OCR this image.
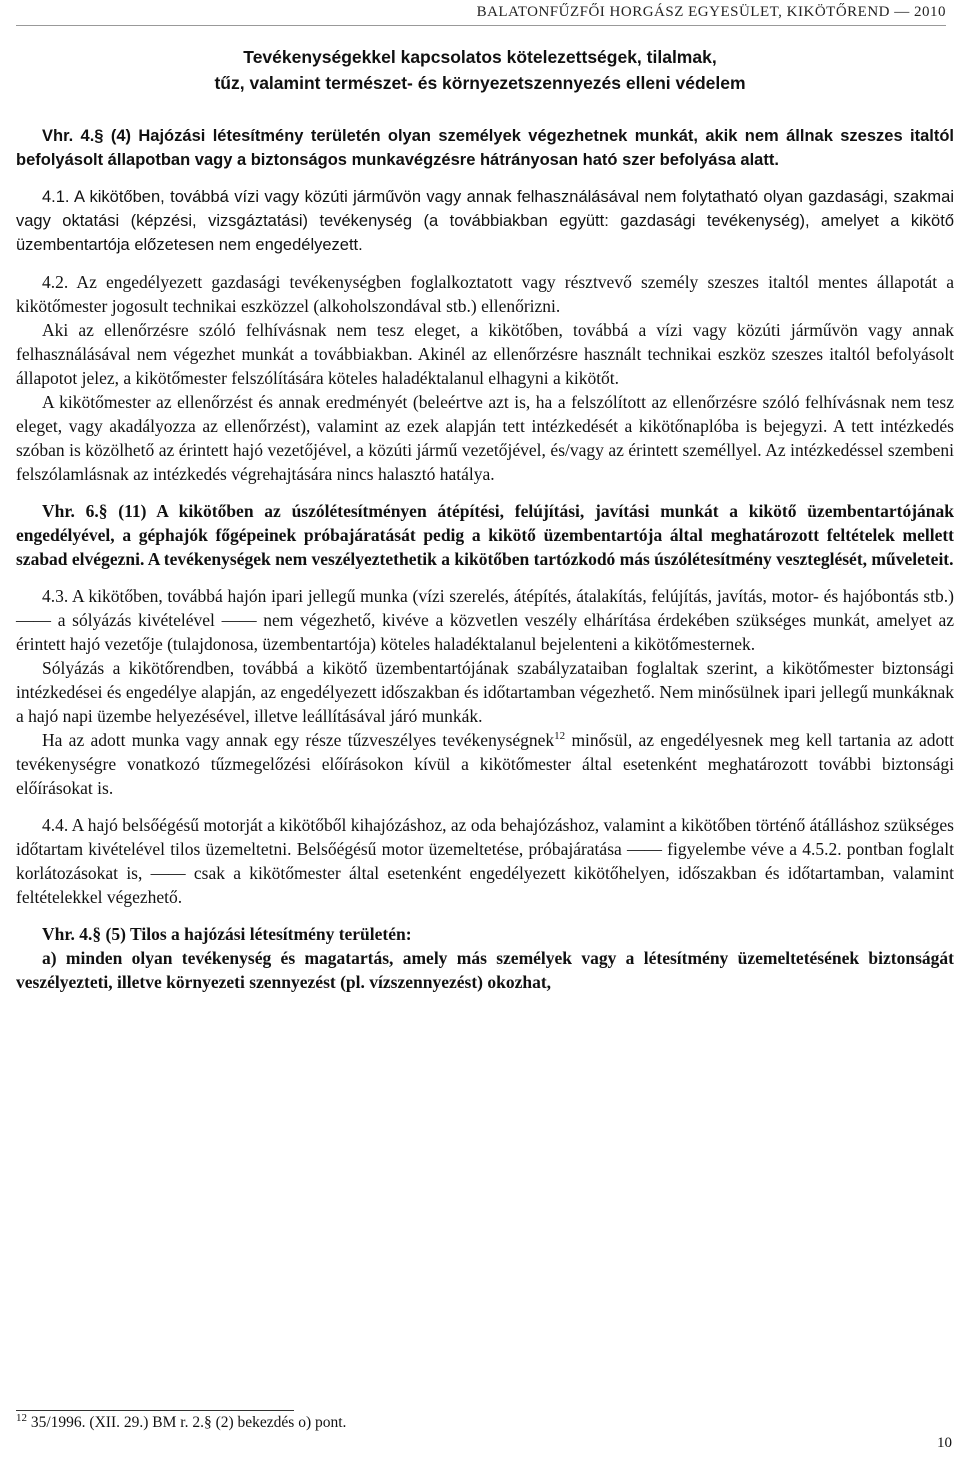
BALATONFŰZFŐI HORGÁSZ EGYESÜLET, KIKÖTŐREND — 2010
Tevékenységekkel kapcsolatos kötelezettségek, tilalmak,
tűz, valamint természet- és környezetszennyezés elleni védelem

Vhr. 4.§ (4) Hajózási létesítmény területén olyan személyek végezhetnek munkát, akik nem állnak szeszes italtól befolyásolt állapotban vagy a biztonságos munkavégzésre hátrányosan ható szer befolyása alatt.

4.1. A kikötőben, továbbá vízi vagy közúti járművön vagy annak felhasználásával nem folytatható olyan gazdasági, szakmai vagy oktatási (képzési, vizsgáztatási) tevékenység (a továbbiakban együtt: gazdasági tevékenység), amelyet a kikötő üzembentartója előzetesen nem engedélyezett.

4.2. Az engedélyezett gazdasági tevékenységben foglalkoztatott vagy résztvevő személy szeszes italtól mentes állapotát a kikötőmester jogosult technikai eszközzel (alkoholszondával stb.) ellenőrizni.

Aki az ellenőrzésre szóló felhívásnak nem tesz eleget, a kikötőben, továbbá a vízi vagy közúti járművön vagy annak felhasználásával nem végezhet munkát a továbbiakban. Akinél az ellenőrzésre használt technikai eszköz szeszes italtól befolyásolt állapotot jelez, a kikötőmester felszólítására köteles haladéktalanul elhagyni a kikötőt.

A kikötőmester az ellenőrzést és annak eredményét (beleértve azt is, ha a felszólított az ellenőrzésre szóló felhívásnak nem tesz eleget, vagy akadályozza az ellenőrzést), valamint az ezek alapján tett intézkedését a kikötőnaplóba is bejegyzi. A tett intézkedés szóban is közölhető az érintett hajó vezetőjével, a közúti jármű vezetőjével, és/vagy az érintett személlyel. Az intézkedéssel szembeni felszólamlásnak az intézkedés végrehajtására nincs halasztó hatálya.

Vhr. 6.§ (11) A kikötőben az úszólétesítményen átépítési, felújítási, javítási munkát a kikötő üzembentartójának engedélyével, a géphajók főgépeinek próbajáratását pedig a kikötő üzembentartója által meghatározott feltételek mellett szabad elvégezni. A tevékenységek nem veszélyeztethetik a kikötőben tartózkodó más úszólétesítmény veszteglését, műveleteit.

4.3. A kikötőben, továbbá hajón ipari jellegű munka (vízi szerelés, átépítés, átalakítás, felújítás, javítás, motor- és hajóbontás stb.) —— a sólyázás kivételével —— nem végezhető, kivéve a közvetlen veszély elhárítása érdekében szükséges munkát, amelyet az érintett hajó vezetője (tulajdonosa, üzembentartója) köteles haladéktalanul bejelenteni a kikötőmesternek.

Sólyázás a kikötőrendben, továbbá a kikötő üzembentartójának szabályzataiban foglaltak szerint, a kikötőmester biztonsági intézkedései és engedélye alapján, az engedélyezett időszakban és időtartamban végezhető. Nem minősülnek ipari jellegű munkáknak a hajó napi üzembe helyezésével, illetve leállításával járó munkák.

Ha az adott munka vagy annak egy része tűzveszélyes tevékenységnek$^{12}$ minősül, az engedélyesnek meg kell tartania az adott tevékenységre vonatkozó tűzmegelőzési előírásokon kívül a kikötőmester által esetenként meghatározott további biztonsági előírásokat is.

4.4. A hajó belsőégésű motorját a kikötőből kihajózáshoz, az oda behajózáshoz, valamint a kikötőben történő átálláshoz szükséges időtartam kivételével tilos üzemeltetni. Belsőégésű motor üzemeltetése, próbajáratása —— figyelembe véve a 4.5.2. pontban foglalt korlátozásokat is, —— csak a kikötőmester által esetenként engedélyezett kikötőhelyen, időszakban és időtartamban, valamint feltételekkel végezhető.

Vhr. 4.§ (5) Tilos a hajózási létesítmény területén:

a) minden olyan tevékenység és magatartás, amely más személyek vagy a létesítmény üzemeltetésének biztonságát veszélyezteti, illetve környezeti szennyezést (pl. vízszennyezést) okozhat,

$^{12}$ 35/1996. (XII. 29.) BM r. 2.§ (2) bekezdés o) pont.
10
